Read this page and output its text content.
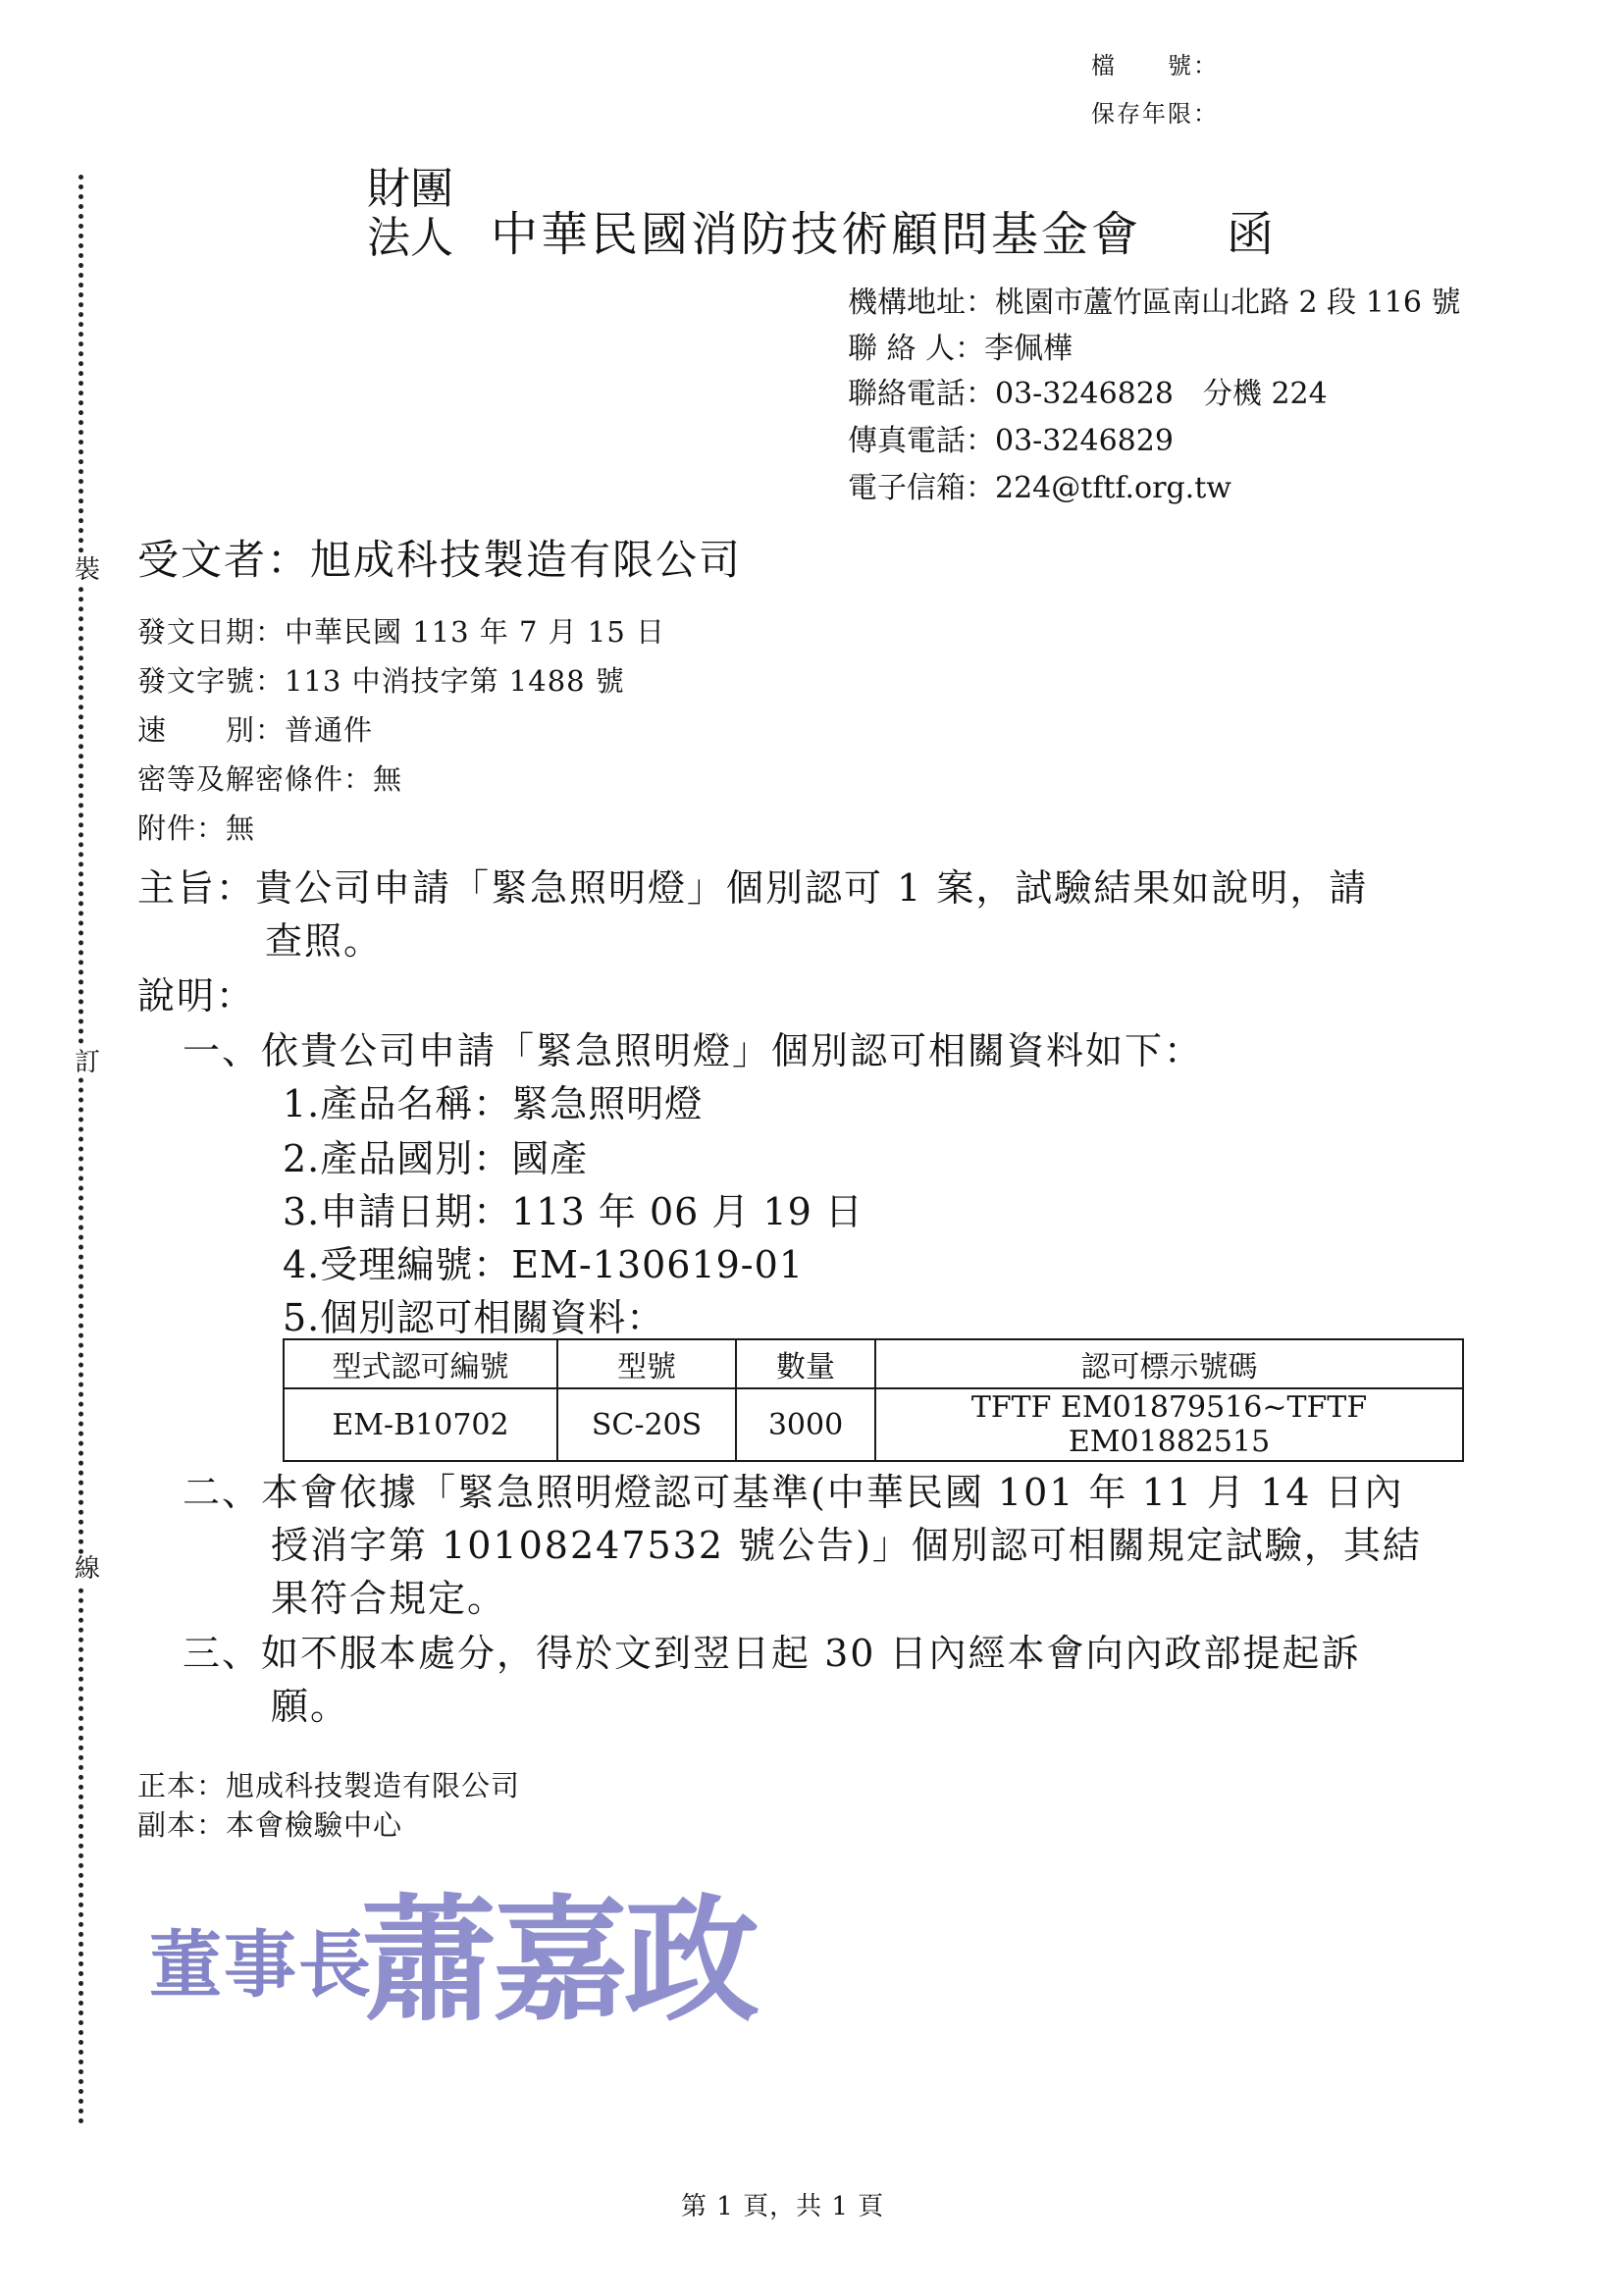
檔　　號：
保存年限：
裝
訂
線
財團
法人 中華民國消防技術顧問基金會 函
機構地址：桃園市蘆竹區南山北路 2 段 116 號
聯 絡 人：李佩樺
聯絡電話：03-3246828　分機 224
傳真電話：03-3246829
電子信箱：224@tftf.org.tw
受文者：旭成科技製造有限公司
發文日期：中華民國 113 年 7 月 15 日
發文字號：113 中消技字第 1488 號
速　　別：普通件
密等及解密條件：無
附件：無
主旨：貴公司申請「緊急照明燈」個別認可 1 案，試驗結果如說明，請
查照。
說明：
一、依貴公司申請「緊急照明燈」個別認可相關資料如下：
1.產品名稱：緊急照明燈
2.產品國別：國產
3.申請日期：113 年 06 月 19 日
4.受理編號：EM-130619-01
5.個別認可相關資料：
型式認可編號	型號	數量	認可標示號碼
EM-B10702	SC-20S	3000	TFTF EM01879516~TFTF EM01882515
二、本會依據「緊急照明燈認可基準(中華民國 101 年 11 月 14 日內
授消字第 10108247532 號公告)」個別認可相關規定試驗，其結
果符合規定。
三、如不服本處分，得於文到翌日起 30 日內經本會向內政部提起訴
願。
正本：旭成科技製造有限公司
副本：本會檢驗中心
董事長
蕭嘉政
第 1 頁，共 1 頁
